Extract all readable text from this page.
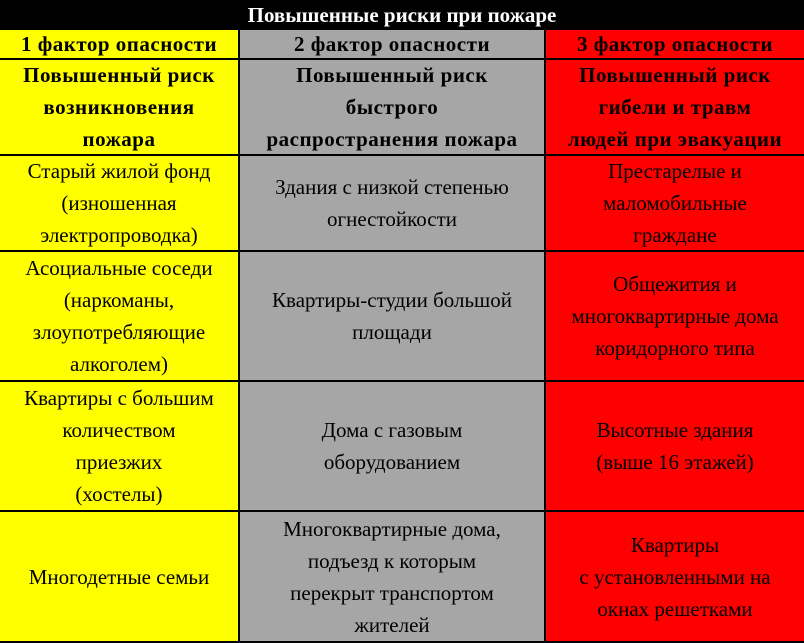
Повышенные риски при пожаре
1 фактор опасности	2 фактор опасности	3 фактор опасности
Повышенный риск
возникновения
пожара
Повышенный риск
быстрого
распространения пожара
Повышенный риск
гибели и травм
людей при эвакуации
Старый жилой фонд
(изношенная
электропроводка)
Здания с низкой степенью
огнестойкости
Престарелые и
маломобильные
граждане
Асоциальные соседи
(наркоманы,
злоупотребляющие
алкоголем)
Квартиры-студии большой
площади
Общежития и
многоквартирные дома
коридорного типа
Квартиры с большим
количеством
приезжих
(хостелы)
Дома с газовым
оборудованием
Высотные здания
(выше 16 этажей)
Многодетные семьи
Многоквартирные дома,
подъезд к которым
перекрыт транспортом
жителей
Квартиры
с установленными на
окнах решетками
